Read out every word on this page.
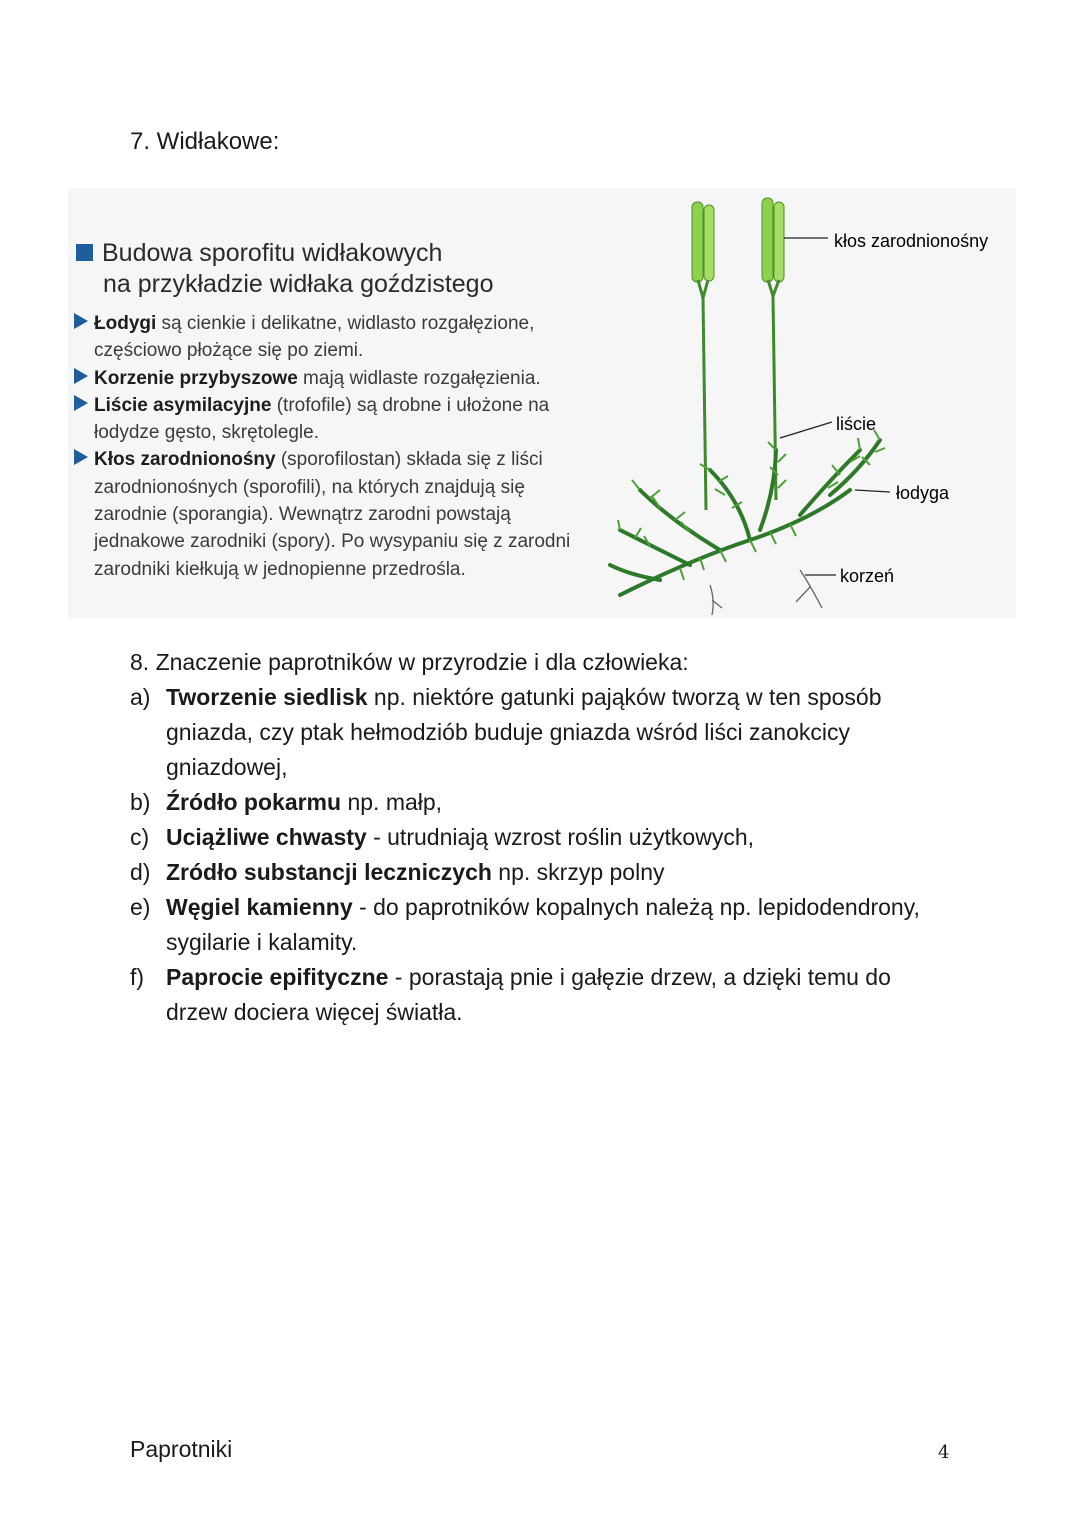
7. Widłakowe:
Budowa sporofitu widłakowych
na przykładzie widłaka goździstego
Łodygi są cienkie i delikatne, widlasto rozgałęzione, częściowo płożące się po ziemi.
Korzenie przybyszowe mają widlaste rozgałęzienia.
Liście asymilacyjne (trofofile) są drobne i ułożone na łodydze gęsto, skrętolegle.
Kłos zarodnionośny (sporofilostan) składa się z liści zarodnionośnych (sporofili), na których znajdują się zarodnie (sporangia). Wewnątrz zarodni powstają jednakowe zarodniki (spory). Po wysypaniu się z zarodni zarodniki kiełkują w jednopienne przedrośla.
kłos zarodnionośny
liście
łodyga
korzeń
8. Znaczenie paprotników w przyrodzie i dla człowieka:
a) Tworzenie siedlisk np. niektóre gatunki pająków tworzą w ten sposób gniazda, czy ptak hełmodziób buduje gniazda wśród liści zanokcicy gniazdowej,
b) Źródło pokarmu np. małp,
c) Uciążliwe chwasty - utrudniają wzrost roślin użytkowych,
d) Zródło substancji leczniczych np. skrzyp polny
e) Węgiel kamienny - do paprotników kopalnych należą np. lepidodendrony, sygilarie i kalamity.
f) Paprocie epifityczne - porastają pnie i gałęzie drzew, a dzięki temu do drzew dociera więcej światła.
Paprotniki	4
